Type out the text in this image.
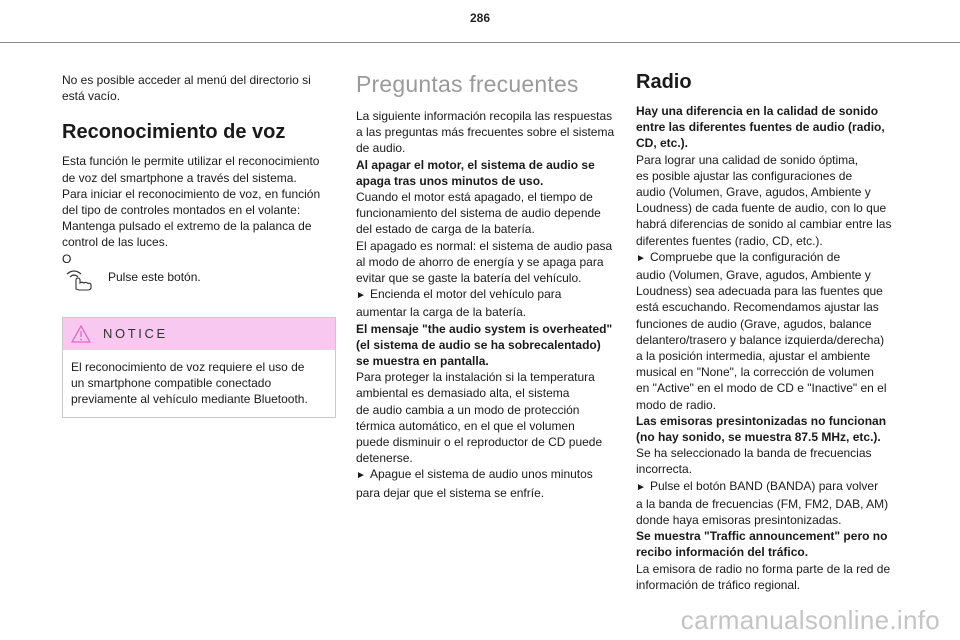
286

No es posible acceder al menú del directorio si

está vacío.

Reconocimiento de voz

Esta función le permite utilizar el reconocimiento

de voz del smartphone a través del sistema.

Para iniciar el reconocimiento de voz, en función

del tipo de controles montados en el volante:

Mantenga pulsado el extremo de la palanca de

control de las luces.

O

Pulse este botón.
NOTICE

El reconocimiento de voz requiere el uso de

un smartphone compatible conectado

previamente al vehículo mediante Bluetooth.

Preguntas frecuentes

La siguiente información recopila las respuestas

a las preguntas más frecuentes sobre el sistema

de audio.

Al apagar el motor, el sistema de audio se

apaga tras unos minutos de uso.

Cuando el motor está apagado, el tiempo de

funcionamiento del sistema de audio depende

del estado de carga de la batería.

El apagado es normal: el sistema de audio pasa

al modo de ahorro de energía y se apaga para

evitar que se gaste la batería del vehículo.

► Encienda el motor del vehículo para

aumentar la carga de la batería.

El mensaje "the audio system is overheated"

(el sistema de audio se ha sobrecalentado)

se muestra en pantalla.

Para proteger la instalación si la temperatura

ambiental es demasiado alta, el sistema

de audio cambia a un modo de protección

térmica automático, en el que el volumen

puede disminuir o el reproductor de CD puede

detenerse.

► Apague el sistema de audio unos minutos

para dejar que el sistema se enfríe.

Radio

Hay una diferencia en la calidad de sonido

entre las diferentes fuentes de audio (radio,

CD, etc.).

Para lograr una calidad de sonido óptima,

es posible ajustar las configuraciones de

audio (Volumen, Grave, agudos, Ambiente y

Loudness) de cada fuente de audio, con lo que

habrá diferencias de sonido al cambiar entre las

diferentes fuentes (radio, CD, etc.).

► Compruebe que la configuración de

audio (Volumen, Grave, agudos, Ambiente y

Loudness) sea adecuada para las fuentes que

está escuchando. Recomendamos ajustar las

funciones de audio (Grave, agudos, balance

delantero/trasero y balance izquierda/derecha)

a la posición intermedia, ajustar el ambiente

musical en "None", la corrección de volumen

en "Active" en el modo de CD e "Inactive" en el

modo de radio.

Las emisoras presintonizadas no funcionan

(no hay sonido, se muestra 87.5 MHz, etc.).

Se ha seleccionado la banda de frecuencias

incorrecta.

► Pulse el botón BAND (BANDA) para volver

a la banda de frecuencias (FM, FM2, DAB, AM)

donde haya emisoras presintonizadas.

Se muestra "Traffic announcement" pero no

recibo información del tráfico.

La emisora de radio no forma parte de la red de

información de tráfico regional.

carmanualsonline.info
